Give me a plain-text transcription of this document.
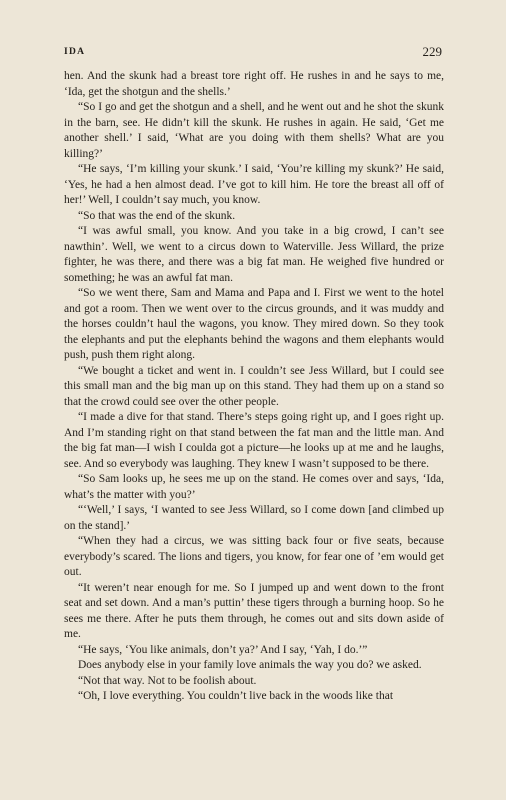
IDA	229

hen. And the skunk had a breast tore right off. He rushes in and he says to me, ‘Ida, get the shotgun and the shells.’

“So I go and get the shotgun and a shell, and he went out and he shot the skunk in the barn, see. He didn’t kill the skunk. He rushes in again. He said, ‘Get me another shell.’ I said, ‘What are you doing with them shells? What are you killing?’

“He says, ‘I’m killing your skunk.’ I said, ‘You’re killing my skunk?’ He said, ‘Yes, he had a hen almost dead. I’ve got to kill him. He tore the breast all off of her!’ Well, I couldn’t say much, you know.

“So that was the end of the skunk.

“I was awful small, you know. And you take in a big crowd, I can’t see nawthin’. Well, we went to a circus down to Waterville. Jess Willard, the prize fighter, he was there, and there was a big fat man. He weighed five hundred or something; he was an awful fat man.

“So we went there, Sam and Mama and Papa and I. First we went to the hotel and got a room. Then we went over to the circus grounds, and it was muddy and the horses couldn’t haul the wagons, you know. They mired down. So they took the elephants and put the elephants behind the wagons and them elephants would push, push them right along.

“We bought a ticket and went in. I couldn’t see Jess Willard, but I could see this small man and the big man up on this stand. They had them up on a stand so that the crowd could see over the other people.

“I made a dive for that stand. There’s steps going right up, and I goes right up. And I’m standing right on that stand between the fat man and the little man. And the big fat man—I wish I coulda got a picture—he looks up at me and he laughs, see. And so everybody was laughing. They knew I wasn’t supposed to be there.

“So Sam looks up, he sees me up on the stand. He comes over and says, ‘Ida, what’s the matter with you?’

“‘Well,’ I says, ‘I wanted to see Jess Willard, so I come down [and climbed up on the stand].’

“When they had a circus, we was sitting back four or five seats, because everybody’s scared. The lions and tigers, you know, for fear one of ’em would get out.

“It weren’t near enough for me. So I jumped up and went down to the front seat and set down. And a man’s puttin’ these tigers through a burning hoop. So he sees me there. After he puts them through, he comes out and sits down aside of me.

“He says, ‘You like animals, don’t ya?’ And I say, ‘Yah, I do.’”

Does anybody else in your family love animals the way you do? we asked.

“Not that way. Not to be foolish about.

“Oh, I love everything. You couldn’t live back in the woods like that
